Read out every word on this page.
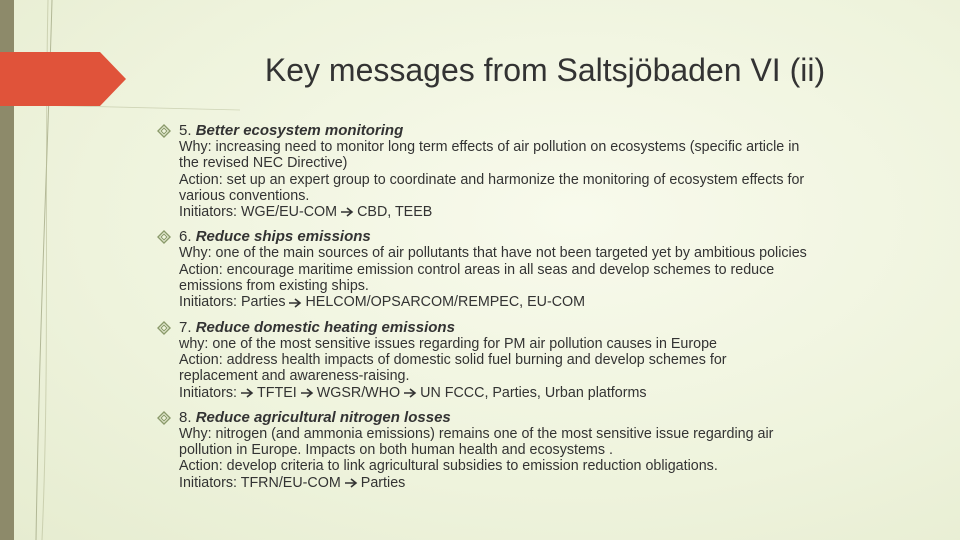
Key messages from Saltsjöbaden VI (ii)
5. Better ecosystem monitoring
Why: increasing need to monitor long term effects of air pollution on ecosystems (specific article in
the revised NEC Directive)
Action: set up an expert group to coordinate and harmonize the monitoring of ecosystem effects for
various conventions.
Initiators: WGE/EU-COM CBD, TEEB
6. Reduce ships emissions
Why: one of the main sources of air pollutants that have not been targeted yet by ambitious policies
Action: encourage maritime emission control areas in all seas and develop schemes to reduce
emissions from existing ships.
Initiators: Parties HELCOM/OPSARCOM/REMPEC, EU-COM
7. Reduce domestic heating emissions
why: one of the most sensitive issues regarding for PM air pollution causes in Europe
Action: address health impacts of domestic solid fuel burning and develop schemes for
replacement and awareness-raising.
Initiators: TFTEI WGSR/WHO UN FCCC, Parties, Urban platforms
8. Reduce agricultural nitrogen losses
Why: nitrogen (and ammonia emissions) remains one of the most sensitive issue regarding air
pollution in Europe. Impacts on both human health and ecosystems .
Action: develop criteria to link agricultural subsidies to emission reduction obligations.
Initiators: TFRN/EU-COM Parties
